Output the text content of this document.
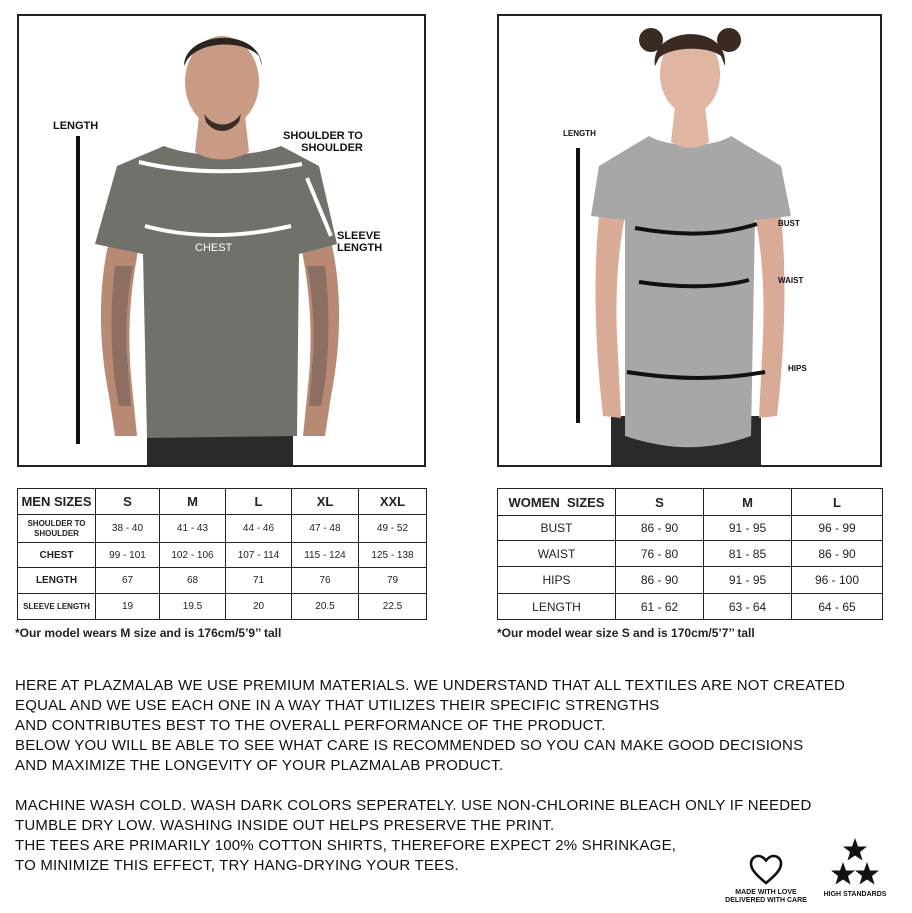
LENGTH
SHOULDER TO
SHOULDER
SLEEVE
LENGTH
CHEST
LENGTH
BUST
WAIST
HIPS
MEN SIZES	S	M	L	XL	XXL
SHOULDER TO SHOULDER	38 - 40	41 - 43	44 - 46	47 - 48	49 - 52
CHEST	99 - 101	102 - 106	107 - 114	115 - 124	125 - 138
LENGTH	67	68	71	76	79
SLEEVE LENGTH	19	19.5	20	20.5	22.5
*Our model wears M size and is 176cm/5’9’’ tall
WOMEN  SIZES	S	M	L
BUST	86 - 90	91 - 95	96 - 99
WAIST	76 - 80	81 - 85	86 - 90
HIPS	86 - 90	91 - 95	96 - 100
LENGTH	61 - 62	63 - 64	64 - 65
*Our model wear size S and is 170cm/5’7’’ tall
HERE AT PLAZMALAB WE USE PREMIUM MATERIALS. WE UNDERSTAND THAT ALL TEXTILES ARE NOT CREATED
EQUAL AND WE USE EACH ONE IN A WAY THAT UTILIZES THEIR SPECIFIC STRENGTHS
AND CONTRIBUTES BEST TO THE OVERALL PERFORMANCE OF THE PRODUCT.
BELOW YOU WILL BE ABLE TO SEE WHAT CARE IS RECOMMENDED SO YOU CAN MAKE GOOD DECISIONS
AND MAXIMIZE THE LONGEVITY OF YOUR PLAZMALAB PRODUCT.
MACHINE WASH COLD. WASH DARK COLORS SEPERATELY. USE NON-CHLORINE BLEACH ONLY IF NEEDED
TUMBLE DRY LOW. WASHING INSIDE OUT HELPS PRESERVE THE PRINT.
THE TEES ARE PRIMARILY 100% COTTON SHIRTS, THEREFORE EXPECT 2% SHRINKAGE,
TO MINIMIZE THIS EFFECT, TRY HANG-DRYING YOUR TEES.
MADE WITH LOVE
DELIVERED WITH CARE
HIGH STANDARDS
